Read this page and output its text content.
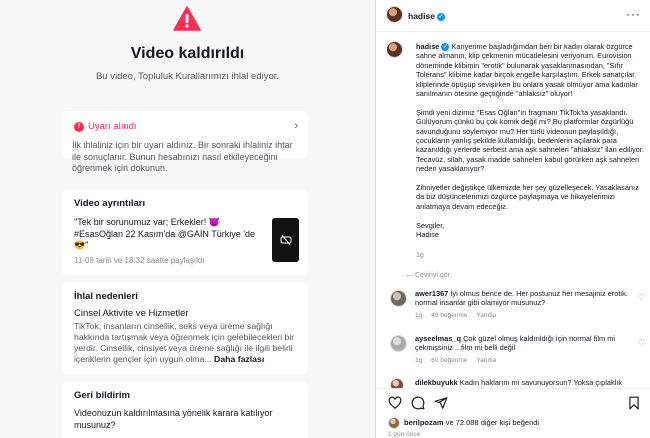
Video kaldırıldı
Bu video, Topluluk Kurallarımızı ihlal ediyor.
! Uyarı alındı	›
İlk ihlaliniz için bir uyarı aldınız. Bir sonraki ihlaliniz ihtar ile sonuçlanır. Bunun hesabınızı nasıl etkileyeceğini öğrenmek için dokunun.
Video ayrıntıları
"Tek bir sorunumuz var; Erkekler! 😈 #EsasOğlan 22 Kasım'da @GAİN Türkiye 'de 😎"
11-08 tarih ve 18:32 saatte paylaşıldı
İhlal nedenleri
Cinsel Aktivite ve Hizmetler
TikTok, insanların cinsellik, seks veya üreme sağlığı hakkında tartışmak veya öğrenmek için gelebilecekleri bir yerdir. Cinsellik, cinsiyet veya üreme sağlığı ile ilgili belirli içeriklerin gençler için uygun olma... Daha fazlası
Geri bildirim
Videonuzun kaldırılmasına yönelik karara katılıyor musunuz?
hadise ✓	···

hadise ✓ Kariyerime başladığımdan beri bir kadın olarak özgürce sahne almanın, klip çekmenin mücadelesini veriyorum. Eurovision döneminde klibimin "erotik" bulunarak yasaklanmasından, "Sıfır Tolerans" klibime kadar birçok engelle karşılaştım. Erkek sanatçılar kliplerinde öpüşüp sevişirken bu onlara yasak olmuyor ama kadınlar sanılmanın ötesine geçtiğinde "ahlaksız" oluyor!

Şimdi yeni dizimiz "Esas Oğlan"ın fragmanı TikTok'ta yasaklandı. Gülüyorum çünkü bu çok komik değil mi? Bu platformlar özgürlüğü savunduğunu söylemiyor mu? Her türlü videonun paylaşıldığı, çocukların yanlış şekilde kullanıldığı, bedenlerin açılarak para kazanıldığı yerlerde serbest ama aşk sahneleri "ahlaksız" ilan ediliyor. Tecavüz, silah, yasak madde sahneleri kabul görürken aşk sahneleri neden yasaklanıyor?

Zihniyetler değiştikçe ülkemizde her şey güzelleşecek. Yasaklasanız da biz düşüncelerimizi özgürce paylaşmaya ve hikayelerimizi anlatmaya devam edeceğiz.

Sevgiler,
Hadise

1g
— Çeviriyi gör
awer1367 İyi olmus bence de. Her postunuz her mesajiniz erotik. normal insanlar gibi olamiyor musunuz?
1g 49 beğenme Yanıtla
♡
ayseelmas_q Çok güzel olmuş kaldırıldığı için normal film mi çekmişsiniz ...film mi belli değil
1g 60 beğenme Yanıtla
♡
dilekbuyukk Kadın haklarını mi savunuyorsun? Yoksa çıplaklık
berilpozam ve 72.088 diğer kişi beğendi
1 gün önce
